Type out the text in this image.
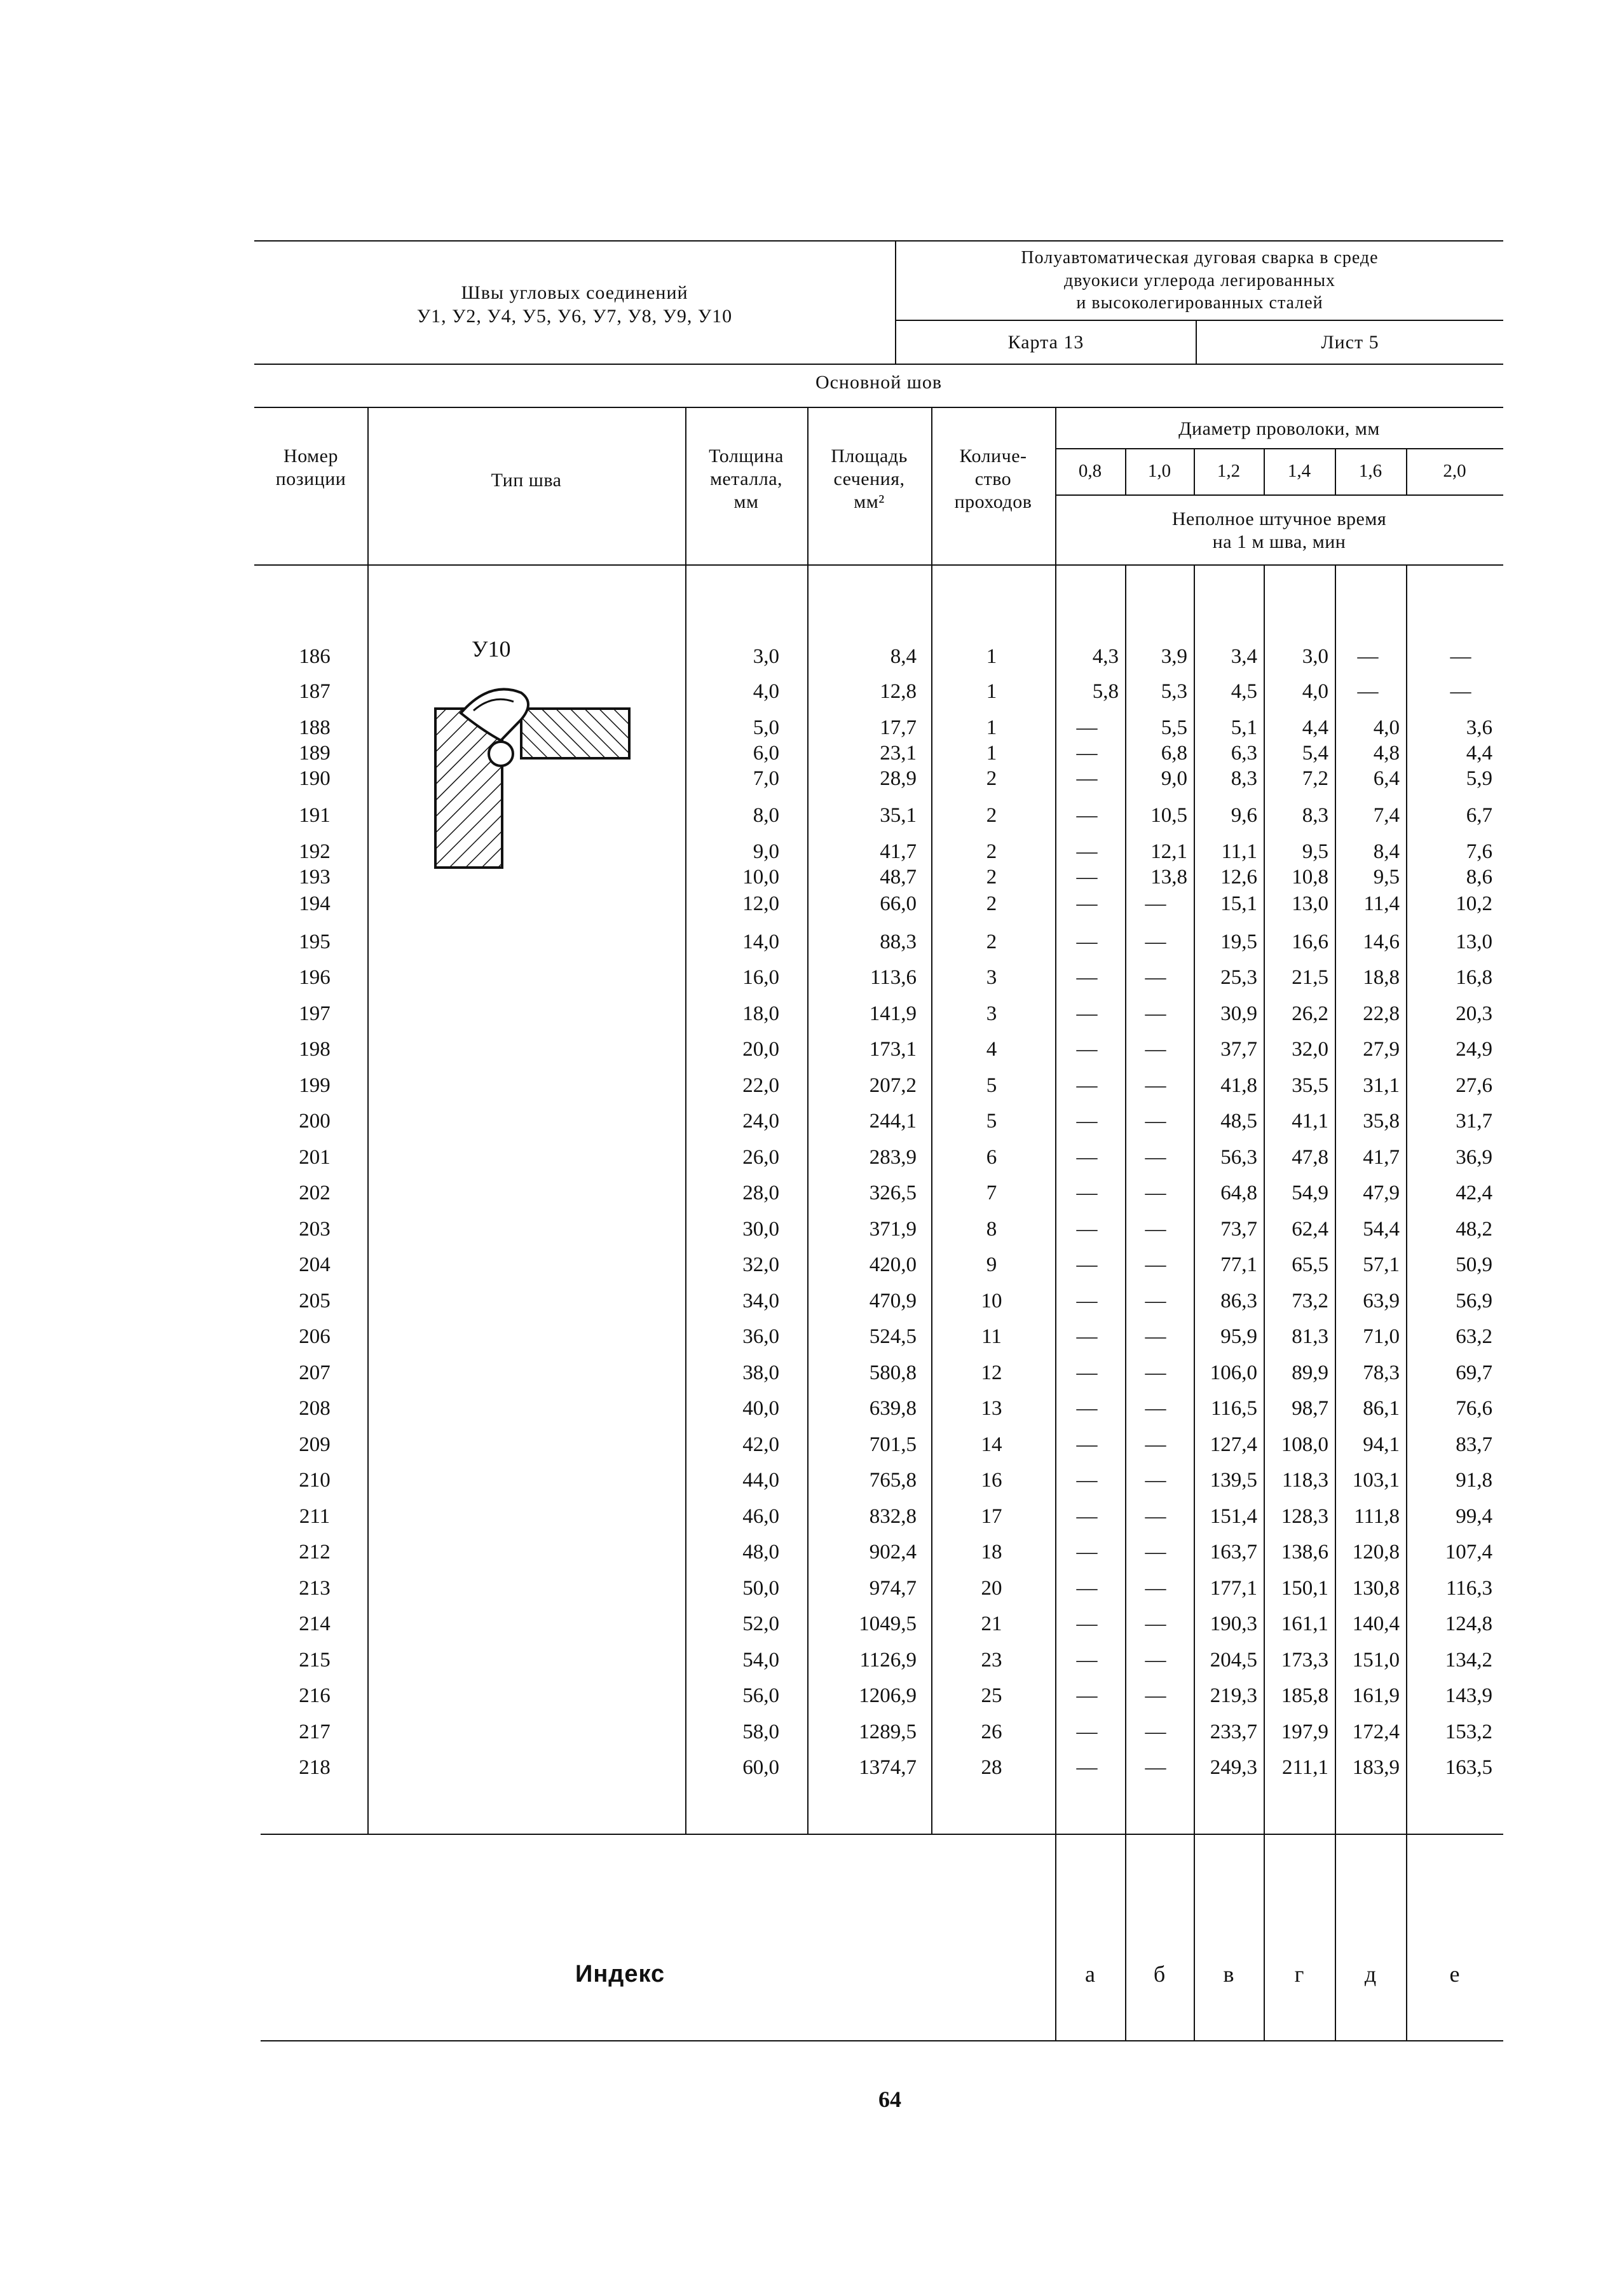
Швы угловых соединений
У1, У2, У4, У5, У6, У7, У8, У9, У10
Полуавтоматическая дуговая сварка в среде
двуокиси углерода легированных
и высоколегированных сталей
Карта 13	Лист 5
Основной шов
Номер
позиции	Тип шва
Толщина
металла,
мм
Площадь
сечения,
мм²
Количе-
ство
проходов
Диаметр проволоки, мм
0,8	1,0	1,2	1,4	1,6	2,0
Неполное штучное время
на 1 м шва, мин
У10
186	3,0	8,4	1	4,3	3,9	3,4	3,0	—	—
187	4,0	12,8	1	5,8	5,3	4,5	4,0	—	—
188	5,0	17,7	1	—	5,5	5,1	4,4	4,0	3,6
189	6,0	23,1	1	—	6,8	6,3	5,4	4,8	4,4
190	7,0	28,9	2	—	9,0	8,3	7,2	6,4	5,9
191	8,0	35,1	2	—	10,5	9,6	8,3	7,4	6,7
192	9,0	41,7	2	—	12,1	11,1	9,5	8,4	7,6
193	10,0	48,7	2	—	13,8	12,6	10,8	9,5	8,6
194	12,0	66,0	2	—	—	15,1	13,0	11,4	10,2
195	14,0	88,3	2	—	—	19,5	16,6	14,6	13,0
196	16,0	113,6	3	—	—	25,3	21,5	18,8	16,8
197	18,0	141,9	3	—	—	30,9	26,2	22,8	20,3
198	20,0	173,1	4	—	—	37,7	32,0	27,9	24,9
199	22,0	207,2	5	—	—	41,8	35,5	31,1	27,6
200	24,0	244,1	5	—	—	48,5	41,1	35,8	31,7
201	26,0	283,9	6	—	—	56,3	47,8	41,7	36,9
202	28,0	326,5	7	—	—	64,8	54,9	47,9	42,4
203	30,0	371,9	8	—	—	73,7	62,4	54,4	48,2
204	32,0	420,0	9	—	—	77,1	65,5	57,1	50,9
205	34,0	470,9	10	—	—	86,3	73,2	63,9	56,9
206	36,0	524,5	11	—	—	95,9	81,3	71,0	63,2
207	38,0	580,8	12	—	—	106,0	89,9	78,3	69,7
208	40,0	639,8	13	—	—	116,5	98,7	86,1	76,6
209	42,0	701,5	14	—	—	127,4	108,0	94,1	83,7
210	44,0	765,8	16	—	—	139,5	118,3	103,1	91,8
211	46,0	832,8	17	—	—	151,4	128,3	111,8	99,4
212	48,0	902,4	18	—	—	163,7	138,6	120,8	107,4
213	50,0	974,7	20	—	—	177,1	150,1	130,8	116,3
214	52,0	1049,5	21	—	—	190,3	161,1	140,4	124,8
215	54,0	1126,9	23	—	—	204,5	173,3	151,0	134,2
216	56,0	1206,9	25	—	—	219,3	185,8	161,9	143,9
217	58,0	1289,5	26	—	—	233,7	197,9	172,4	153,2
218	60,0	1374,7	28	—	—	249,3	211,1	183,9	163,5
Индекс	а	б	в	г	д	е
64
